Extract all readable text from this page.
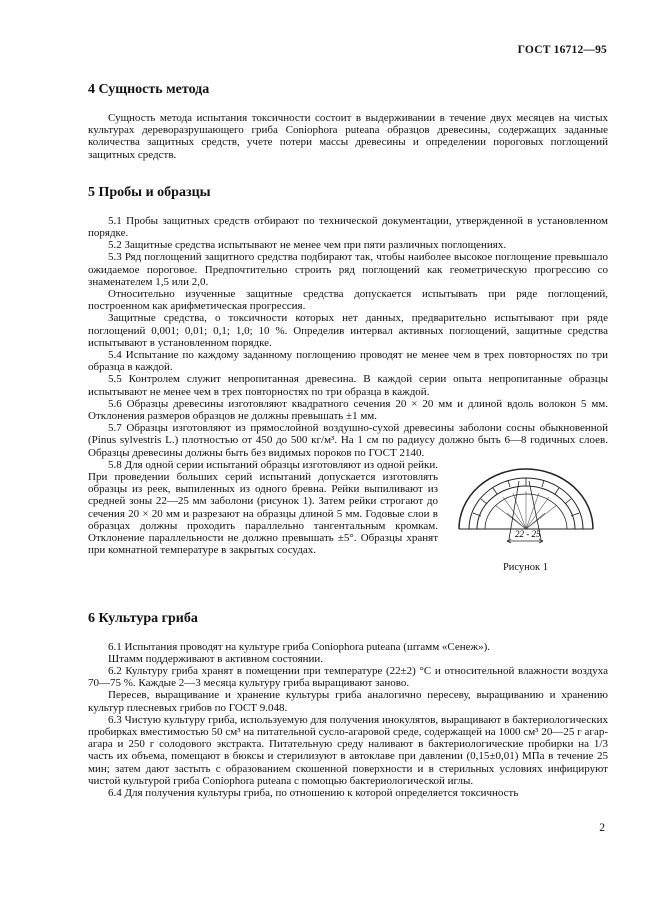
ГОСТ 16712—95
4 Сущность метода

Сущность метода испытания токсичности состоит в выдерживании в течение двух месяцев на чистых культурах дереворазрушающего гриба Coniophora puteana образцов древесины, содержащих заданные количества защитных средств, учете потери массы древесины и определении пороговых поглощений защитных средств.

5 Пробы и образцы

5.1 Пробы защитных средств отбирают по технической документации, утвержденной в установленном порядке.

5.2 Защитные средства испытывают не менее чем при пяти различных поглощениях.

5.3 Ряд поглощений защитного средства подбирают так, чтобы наиболее высокое поглощение превышало ожидаемое пороговое. Предпочтительно строить ряд поглощений как геометрическую прогрессию со знаменателем 1,5 или 2,0.

Относительно изученные защитные средства допускается испытывать при ряде поглощений, построенном как арифметическая прогрессия.

Защитные средства, о токсичности которых нет данных, предварительно испытывают при ряде поглощений 0,001; 0,01; 0,1; 1,0; 10 %. Определив интервал активных поглощений, защитные средства испытывают в установленном порядке.

5.4 Испытание по каждому заданному поглощению проводят не менее чем в трех повторностях по три образца в каждой.

5.5 Контролем служит непропитанная древесина. В каждой серии опыта непропитанные образцы испытывают не менее чем в трех повторностях по три образца в каждой.

5.6 Образцы древесины изготовляют квадратного сечения 20 × 20 мм и длиной вдоль волокон 5 мм. Отклонения размеров образцов не должны превышать ±1 мм.

5.7 Образцы изготовляют из прямослойной воздушно-сухой древесины заболони сосны обыкновенной (Pinus sylvestris L.) плотностью от 450 до 500 кг/м³. На 1 см по радиусу должно быть 6—8 годичных слоев. Образцы древесины должны быть без видимых пороков по ГОСТ 2140.

5.8 Для одной серии испытаний образцы изготовляют из одной рейки. При проведении больших серий испытаний допускается изготовлять образцы из реек, выпиленных из одного бревна. Рейки выпиливают из средней зоны 22—25 мм заболони (рисунок 1). Затем рейки строгают до сечения 20 × 20 мм и разрезают на образцы длиной 5 мм. Годовые слои в образцах должны проходить параллельно тангентальным кромкам. Отклонение параллельности не должно превышать ±5°. Образцы хранят при комнатной температуре в закрытых сосудах.

22 - 25
Рисунок 1
6 Культура гриба

6.1 Испытания проводят на культуре гриба Coniophora puteana (штамм «Сенеж»).

Штамм поддерживают в активном состоянии.

6.2 Культуру гриба хранят в помещении при температуре (22±2) °С и относительной влажности воздуха 70—75 %. Каждые 2—3 месяца культуру гриба выращивают заново.

Пересев, выращивание и хранение культуры гриба аналогично пересеву, выращиванию и хранению культур плесневых грибов по ГОСТ 9.048.

6.3 Чистую культуру гриба, используемую для получения инокулятов, выращивают в бактериологических пробирках вместимостью 50 см³ на питательной сусло-агаровой среде, содержащей на 1000 см³ 20—25 г агар-агара и 250 г солодового экстракта. Питательную среду наливают в бактериологические пробирки на 1/3 часть их объема, помещают в бюксы и стерилизуют в автоклаве при давлении (0,15±0,01) МПа в течение 25 мин; затем дают застыть с образованием скошенной поверхности и в стерильных условиях инфицируют чистой культурой гриба Coniophora puteana с помощью бактериологической иглы.

6.4 Для получения культуры гриба, по отношению к которой определяется токсичность

2
